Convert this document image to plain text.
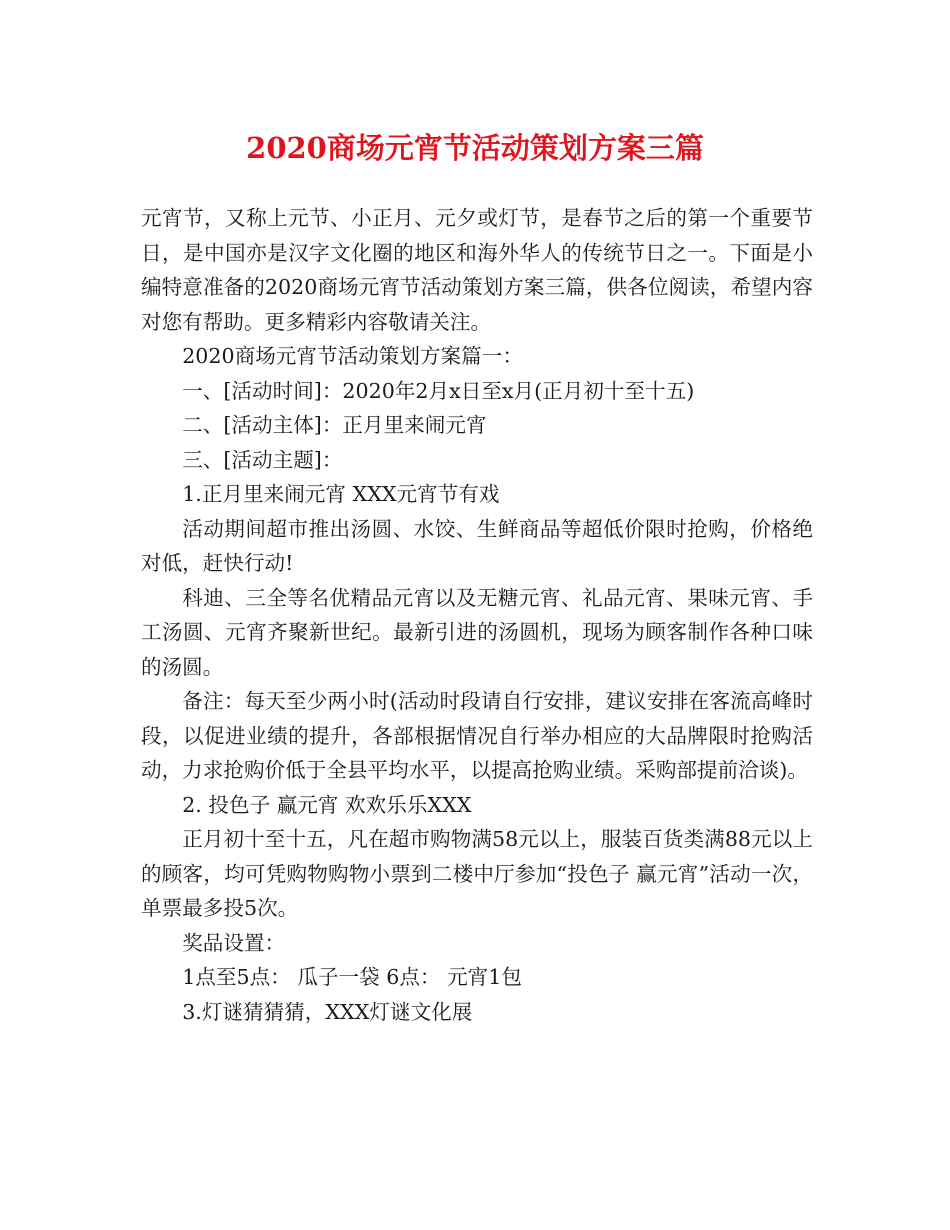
2020商场元宵节活动策划方案三篇

元宵节，又称上元节、小正月、元夕或灯节，是春节之后的第一个重要节日，是中国亦是汉字文化圈的地区和海外华人的传统节日之一。下面是小编特意准备的2020商场元宵节活动策划方案三篇，供各位阅读，希望内容对您有帮助。更多精彩内容敬请关注。

2020商场元宵节活动策划方案篇一：

一、[活动时间]：2020年2月x日至x月(正月初十至十五)

二、[活动主体]：正月里来闹元宵

三、[活动主题]：

1.正月里来闹元宵 XXX元宵节有戏

活动期间超市推出汤圆、水饺、生鲜商品等超低价限时抢购，价格绝对低，赶快行动!

科迪、三全等名优精品元宵以及无糖元宵、礼品元宵、果味元宵、手工汤圆、元宵齐聚新世纪。最新引进的汤圆机，现场为顾客制作各种口味的汤圆。

备注：每天至少两小时(活动时段请自行安排，建议安排在客流高峰时段，以促进业绩的提升，各部根据情况自行举办相应的大品牌限时抢购活动，力求抢购价低于全县平均水平，以提高抢购业绩。采购部提前洽谈)。

2. 投色子 赢元宵 欢欢乐乐XXX

正月初十至十五，凡在超市购物满58元以上，服装百货类满88元以上的顾客，均可凭购物购物小票到二楼中厅参加“投色子 赢元宵”活动一次，单票最多投5次。

奖品设置：

1点至5点： 瓜子一袋 6点： 元宵1包

3.灯谜猜猜猜，XXX灯谜文化展
